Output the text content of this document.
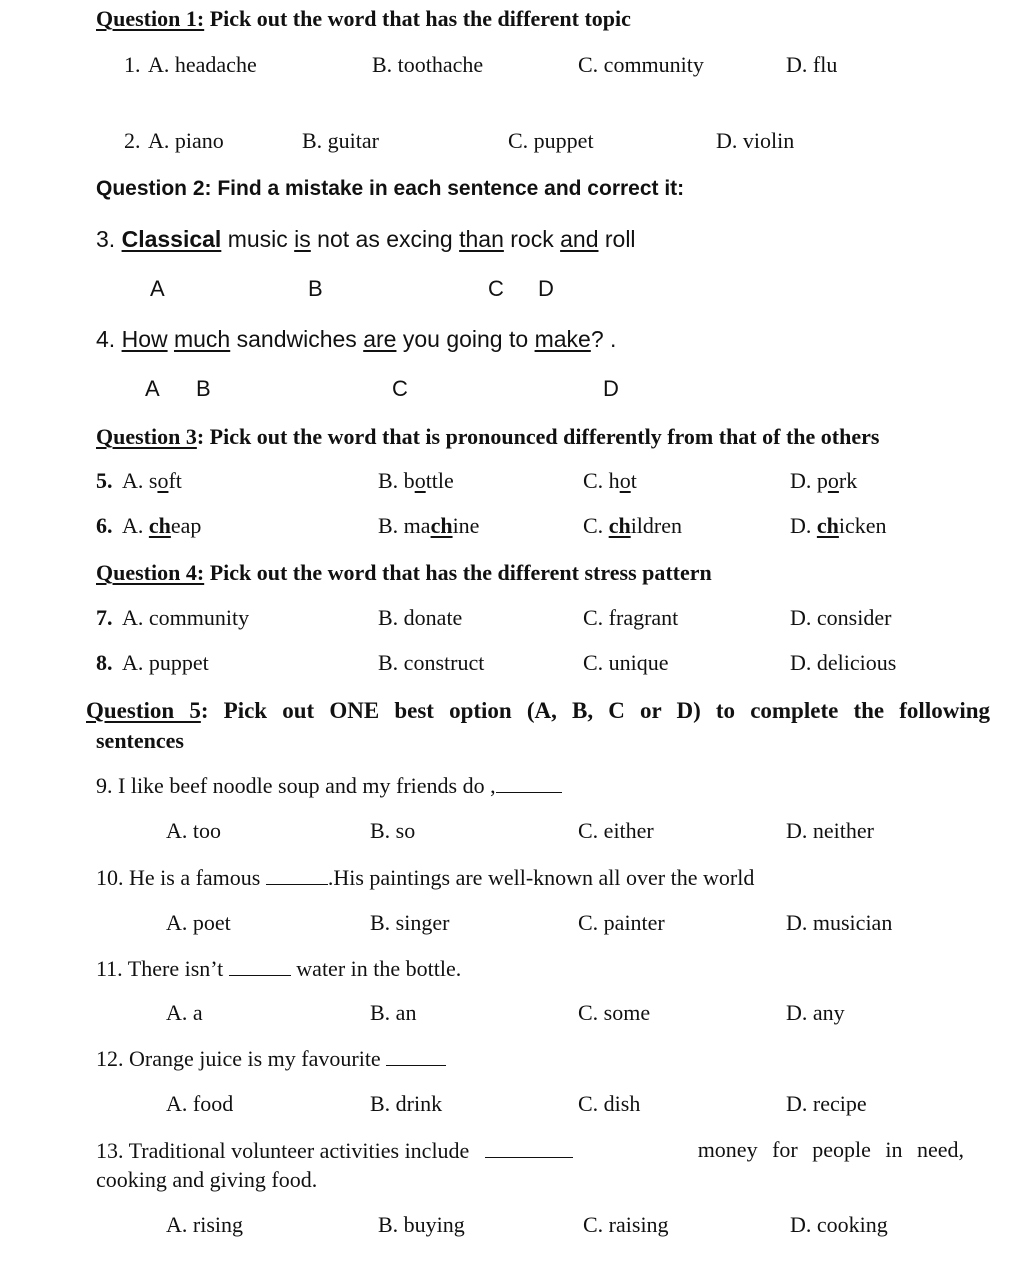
Question 1: Pick out the word that has the different topic
1. A. headache	B. toothache	C. community	D. flu
2. A. piano	B. guitar	C. puppet	D. violin
Question 2: Find a mistake in each sentence and correct it:
3. Classical music is not as excing than rock and roll
A	B	C D
4. How much sandwiches are you going to make? .
A B	C	D
Question 3: Pick out the word that is pronounced differently from that of the others
5. A. soft	B. bottle	C. hot	D. pork
6. A. cheap	B. machine	C. children	D. chicken
Question 4: Pick out the word that has the different stress pattern
7. A. community	B. donate	C. fragrant	D. consider
8. A. puppet	B. construct	C. unique	D. delicious
Question 5: Pick out ONE best option (A, B, C or D) to complete the following
sentences
9. I like beef noodle soup and my friends do ,
A. too	B. so	C. either	D. neither
10. He is a famous	.His paintings are well-known all over the world
A. poet	B. singer	C. painter	D. musician
11. There isn’t	water in the bottle.
A. a	B. an	C. some	D. any
12. Orange juice is my favourite
A. food	B. drink	C. dish	D. recipe
13. Traditional volunteer activities include	money for people in need,
cooking and giving food.
A. rising	B. buying	C. raising	D. cooking
